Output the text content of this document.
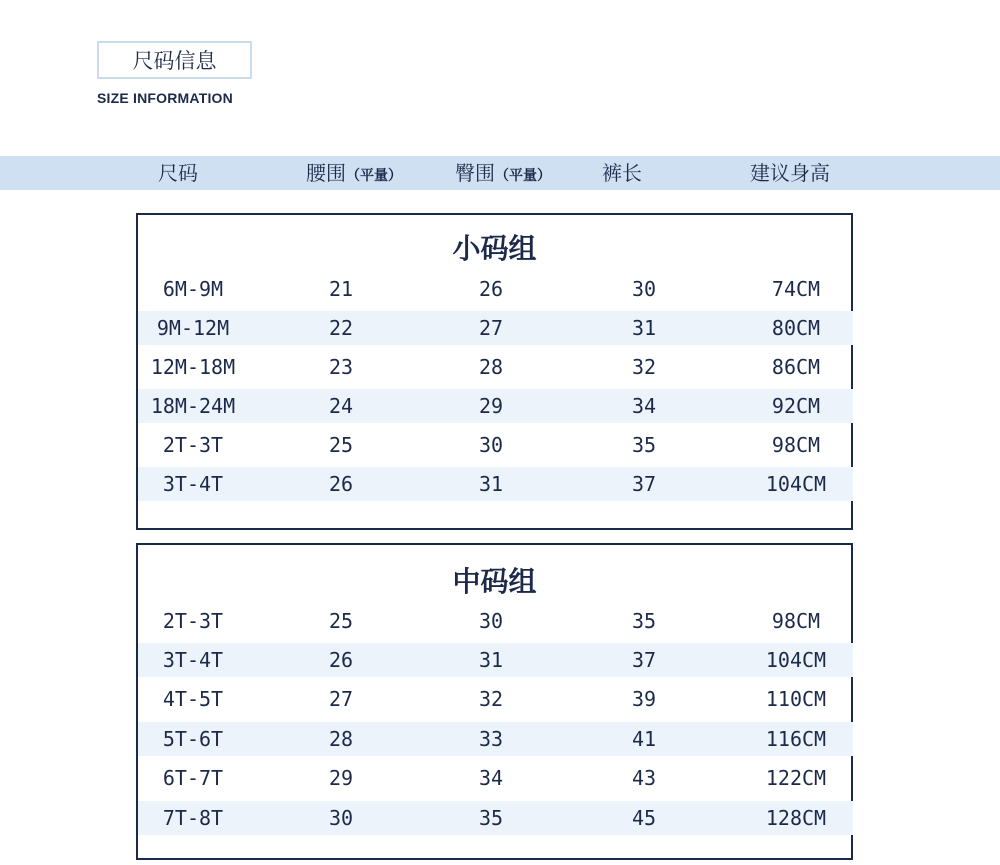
尺码信息
SIZE INFORMATION
尺码	腰围（平量）	臀围（平量）	裤长	建议身高
小码组
6M-9M	21	26	30	74CM
9M-12M	22	27	31	80CM
12M-18M	23	28	32	86CM
18M-24M	24	29	34	92CM
2T-3T	25	30	35	98CM
3T-4T	26	31	37	104CM
中码组
2T-3T	25	30	35	98CM
3T-4T	26	31	37	104CM
4T-5T	27	32	39	110CM
5T-6T	28	33	41	116CM
6T-7T	29	34	43	122CM
7T-8T	30	35	45	128CM
